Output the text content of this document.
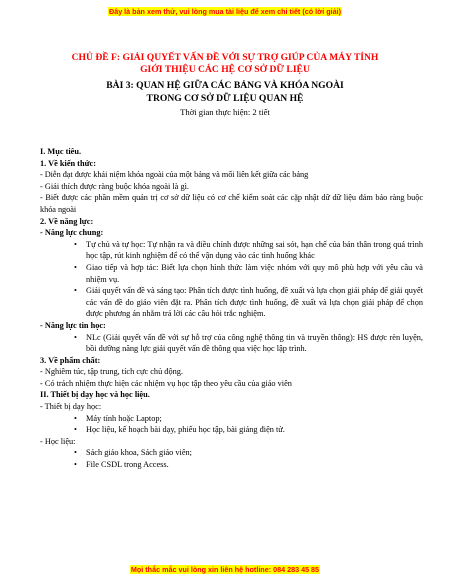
Đây là bản xem thử, vui lòng mua tài liệu để xem chi tiết (có lời giải)
CHỦ ĐỀ F: GIẢI QUYẾT VẤN ĐỀ VỚI SỰ TRỢ GIÚP CỦA MÁY TÍNH
GIỚI THIỆU CÁC HỆ CƠ SỞ DỮ LIỆU
BÀI 3: QUAN HỆ GIỮA CÁC BẢNG VÀ KHÓA NGOÀI
TRONG CƠ SỞ DỮ LIỆU QUAN HỆ
Thời gian thực hiện: 2 tiết
I. Mục tiêu.
1. Về kiến thức:
- Diễn đạt được khái niệm khóa ngoài của một bảng và mối liên kết giữa các bảng
- Giải thích được ràng buộc khóa ngoài là gì.
- Biết được các phần mềm quản trị cơ sở dữ liệu có cơ chế kiểm soát các cặp nhật dữ dữ liệu đảm bảo ràng buộc khóa ngoài
2. Về năng lực:
- Năng lực chung:
• Tự chủ và tự học: Tự nhận ra và điều chỉnh được những sai sót, hạn chế của bản thân trong quá trình học tập, rút kinh nghiệm để có thể vận dụng vào các tình huống khác
• Giao tiếp và hợp tác: Biết lựa chọn hình thức làm việc nhóm với quy mô phù hợp với yêu cầu và nhiệm vụ.
• Giải quyết vấn đề và sáng tạo: Phân tích được tình huống, đề xuất và lựa chọn giải pháp để giải quyết các vấn đề do giáo viên đặt ra. Phân tích được tình huống, đề xuất và lựa chọn giải pháp để chọn được phương án nhằm trả lời các câu hỏi trắc nghiệm.
- Năng lực tin học:
• NLc (Giải quyết vấn đề với sự hỗ trợ của công nghệ thông tin và truyền thông): HS được rèn luyện, bồi dưỡng năng lực giải quyết vấn đề thông qua việc học lập trình.
3. Về phẩm chất:
- Nghiêm túc, tập trung, tích cực chủ động.
- Có trách nhiệm thực hiện các nhiệm vụ học tập theo yêu cầu của giáo viên
II. Thiết bị dạy học và học liệu.
- Thiết bị dạy học:
• Máy tính hoặc Laptop;
• Học liệu, kế hoạch bài dạy, phiếu học tập, bài giảng điện tử.
- Học liệu:
• Sách giáo khoa, Sách giáo viên;
• File CSDL trong Access.
Mọi thắc mắc vui lòng xin liên hệ hotline: 084 283 45 85
